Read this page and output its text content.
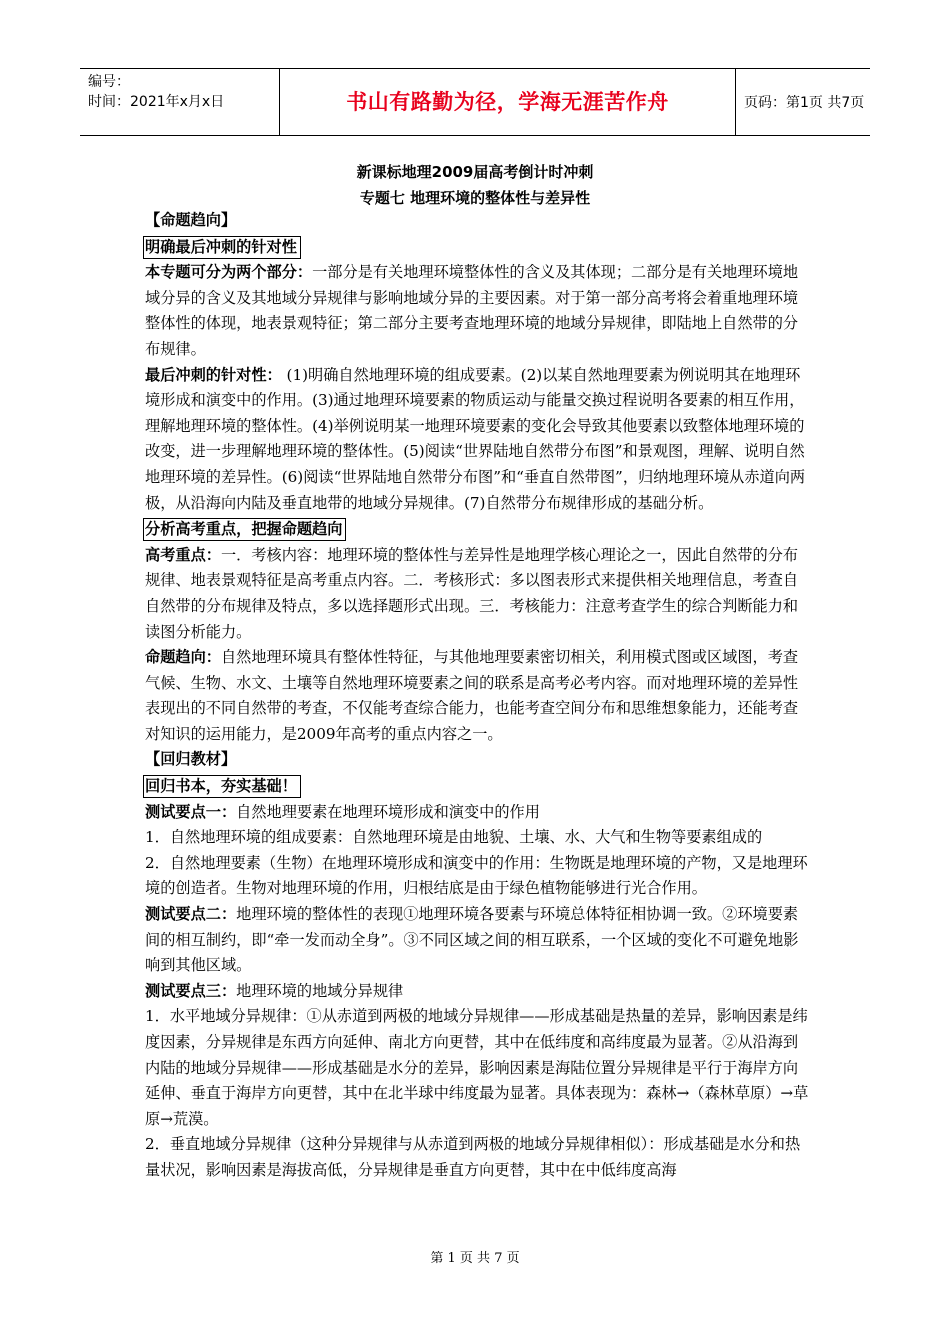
编号：
时间：2021年x月x日	书山有路勤为径，学海无涯苦作舟	页码：第1页 共7页
新课标地理2009届高考倒计时冲刺
专题七 地理环境的整体性与差异性

【命题趋向】

明确最后冲刺的针对性

本专题可分为两个部分：一部分是有关地理环境整体性的含义及其体现；二部分是有关地理环境地域分异的含义及其地域分异规律与影响地域分异的主要因素。对于第一部分高考将会着重地理环境整体性的体现，地表景观特征；第二部分主要考查地理环境的地域分异规律，即陆地上自然带的分布规律。

最后冲刺的针对性： (1)明确自然地理环境的组成要素。(2)以某自然地理要素为例说明其在地理环境形成和演变中的作用。(3)通过地理环境要素的物质运动与能量交换过程说明各要素的相互作用，理解地理环境的整体性。(4)举例说明某一地理环境要素的变化会导致其他要素以致整体地理环境的改变，进一步理解地理环境的整体性。(5)阅读“世界陆地自然带分布图”和景观图，理解、说明自然地理环境的差异性。(6)阅读“世界陆地自然带分布图”和“垂直自然带图”，归纳地理环境从赤道向两极，从沿海向内陆及垂直地带的地域分异规律。(7)自然带分布规律形成的基础分析。

分析高考重点，把握命题趋向

高考重点：一．考核内容：地理环境的整体性与差异性是地理学核心理论之一，因此自然带的分布规律、地表景观特征是高考重点内容。二．考核形式：多以图表形式来提供相关地理信息，考查自自然带的分布规律及特点，多以选择题形式出现。三．考核能力：注意考查学生的综合判断能力和读图分析能力。

命题趋向：自然地理环境具有整体性特征，与其他地理要素密切相关，利用模式图或区域图，考查气候、生物、水文、土壤等自然地理环境要素之间的联系是高考必考内容。而对地理环境的差异性表现出的不同自然带的考查，不仅能考查综合能力，也能考查空间分布和思维想象能力，还能考查对知识的运用能力，是2009年高考的重点内容之一。

【回归教材】

回归书本，夯实基础！

测试要点一：自然地理要素在地理环境形成和演变中的作用

1．自然地理环境的组成要素：自然地理环境是由地貌、土壤、水、大气和生物等要素组成的

2．自然地理要素（生物）在地理环境形成和演变中的作用：生物既是地理环境的产物，又是地理环境的创造者。生物对地理环境的作用，归根结底是由于绿色植物能够进行光合作用。

测试要点二：地理环境的整体性的表现①地理环境各要素与环境总体特征相协调一致。②环境要素间的相互制约，即“牵一发而动全身”。③不同区域之间的相互联系，一个区域的变化不可避免地影响到其他区域。

测试要点三：地理环境的地域分异规律

1．水平地域分异规律：①从赤道到两极的地域分异规律——形成基础是热量的差异，影响因素是纬度因素，分异规律是东西方向延伸、南北方向更替，其中在低纬度和高纬度最为显著。②从沿海到内陆的地域分异规律——形成基础是水分的差异，影响因素是海陆位置分异规律是平行于海岸方向延伸、垂直于海岸方向更替，其中在北半球中纬度最为显著。具体表现为：森林→（森林草原）→草原→荒漠。

2．垂直地域分异规律（这种分异规律与从赤道到两极的地域分异规律相似）：形成基础是水分和热量状况，影响因素是海拔高低，分异规律是垂直方向更替，其中在中低纬度高海

第 1 页 共 7 页
